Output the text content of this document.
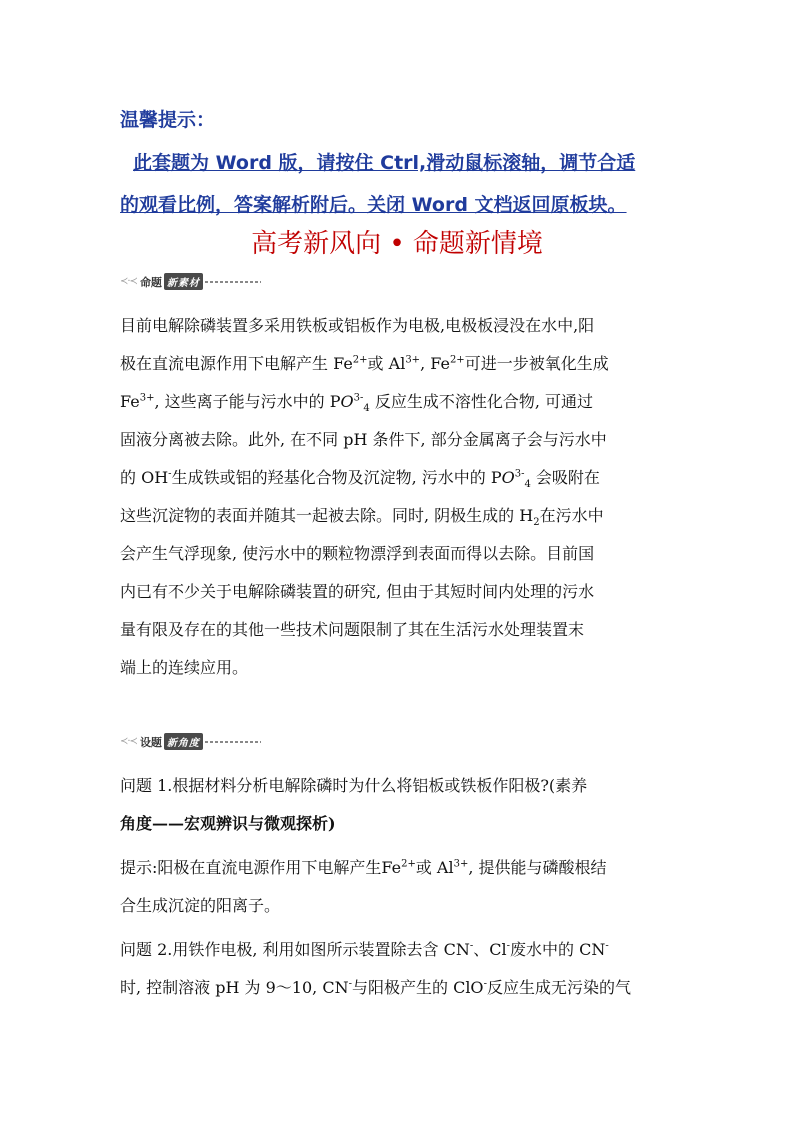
温馨提示：
此套题为 Word 版，请按住 Ctrl,滑动鼠标滚轴，调节合适
的观看比例，答案解析附后。关闭 Word 文档返回原板块。
高考新风向 • 命题新情境
≺·≺ 命题 新素材
目前电解除磷装置多采用铁板或铝板作为电极,电极板浸没在水中,阳
极在直流电源作用下电解产生 $Fe^{2+}$或 $Al^{3+}$, $Fe^{2+}$可进一步被氧化生成
$Fe^{3+}$, 这些离子能与污水中的 $PO^{3-}_4$ 反应生成不溶性化合物, 可通过
固液分离被去除。此外, 在不同 pH 条件下, 部分金属离子会与污水中
的 OH-生成铁或铝的羟基化合物及沉淀物, 污水中的 $PO^{3-}_4$ 会吸附在
这些沉淀物的表面并随其一起被去除。同时, 阴极生成的 $H_2$在污水中
会产生气浮现象, 使污水中的颗粒物漂浮到表面而得以去除。目前国
内已有不少关于电解除磷装置的研究, 但由于其短时间内处理的污水
量有限及存在的其他一些技术问题限制了其在生活污水处理装置末
端上的连续应用。
≺·≺ 设题 新角度
问题 1.根据材料分析电解除磷时为什么将铝板或铁板作阳极?(素养
角度——宏观辨识与微观探析)
提示:阳极在直流电源作用下电解产生$Fe^{2+}$或 $Al^{3+}$, 提供能与磷酸根结
合生成沉淀的阳离子。
问题 2.用铁作电极, 利用如图所示装置除去含 CN-、Cl-废水中的 CN-
时, 控制溶液 pH 为 9～10, CN-与阳极产生的 ClO-反应生成无污染的气
